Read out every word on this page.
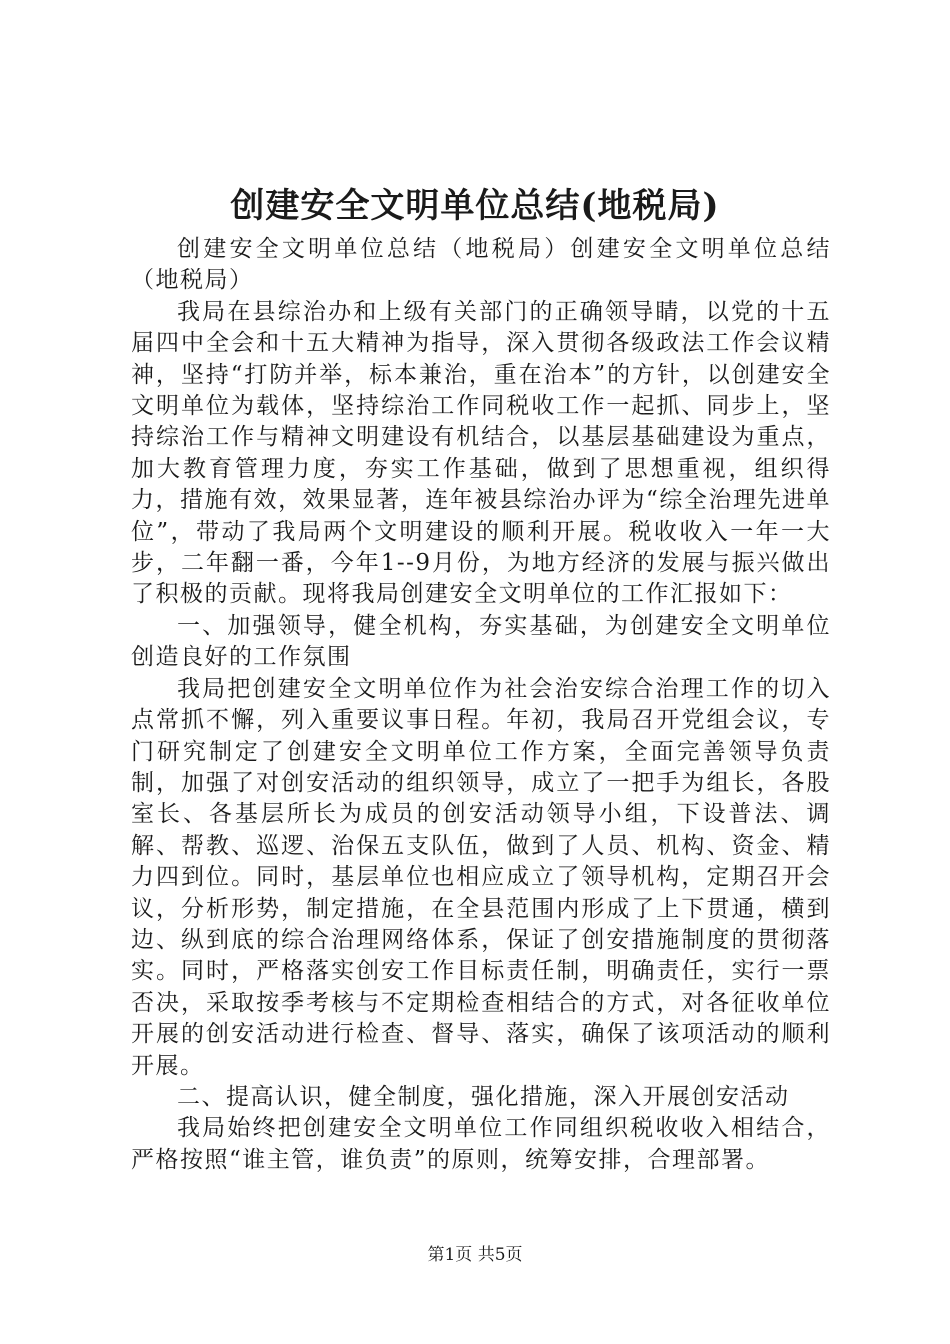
创建安全文明单位总结(地税局)

创建安全文明单位总结（地税局）创建安全文明单位总结（地税局）

我局在县综治办和上级有关部门的正确领导睛，以党的十五届四中全会和十五大精神为指导，深入贯彻各级政法工作会议精神，坚持“打防并举，标本兼治，重在治本”的方针，以创建安全文明单位为载体，坚持综治工作同税收工作一起抓、同步上，坚持综治工作与精神文明建设有机结合，以基层基础建设为重点，加大教育管理力度，夯实工作基础，做到了思想重视，组织得力，措施有效，效果显著，连年被县综治办评为“综全治理先进单位”，带动了我局两个文明建设的顺利开展。税收收入一年一大步，二年翻一番，今年1--9月份，为地方经济的发展与振兴做出了积极的贡献。现将我局创建安全文明单位的工作汇报如下：

一、加强领导，健全机构，夯实基础，为创建安全文明单位创造良好的工作氛围

我局把创建安全文明单位作为社会治安综合治理工作的切入点常抓不懈，列入重要议事日程。年初，我局召开党组会议，专门研究制定了创建安全文明单位工作方案，全面完善领导负责制，加强了对创安活动的组织领导，成立了一把手为组长，各股室长、各基层所长为成员的创安活动领导小组，下设普法、调解、帮教、巡逻、治保五支队伍，做到了人员、机构、资金、精力四到位。同时，基层单位也相应成立了领导机构，定期召开会议，分析形势，制定措施，在全县范围内形成了上下贯通，横到边、纵到底的综合治理网络体系，保证了创安措施制度的贯彻落实。同时，严格落实创安工作目标责任制，明确责任，实行一票否决，采取按季考核与不定期检查相结合的方式，对各征收单位开展的创安活动进行检查、督导、落实，确保了该项活动的顺利开展。

二、提高认识，健全制度，强化措施，深入开展创安活动

我局始终把创建安全文明单位工作同组织税收收入相结合，严格按照“谁主管，谁负责”的原则，统筹安排，合理部署。

第1页 共5页
